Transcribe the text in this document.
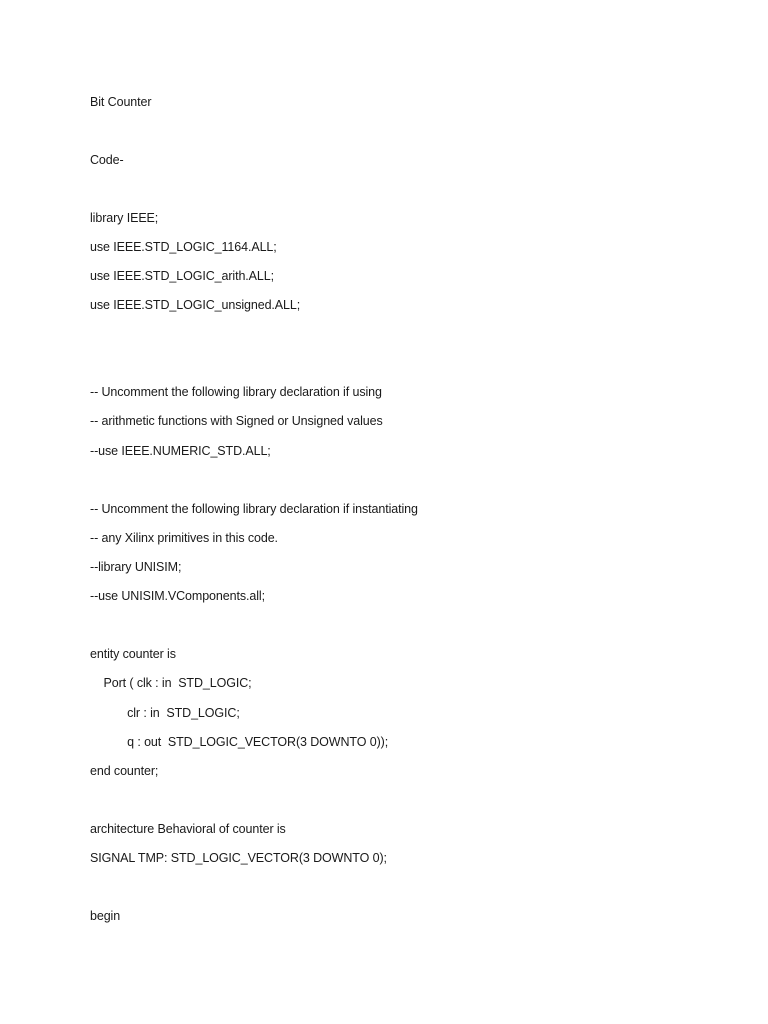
Bit Counter
Code-
library IEEE;
use IEEE.STD_LOGIC_1164.ALL;
use IEEE.STD_LOGIC_arith.ALL;
use IEEE.STD_LOGIC_unsigned.ALL;
-- Uncomment the following library declaration if using
-- arithmetic functions with Signed or Unsigned values
--use IEEE.NUMERIC_STD.ALL;
-- Uncomment the following library declaration if instantiating
-- any Xilinx primitives in this code.
--library UNISIM;
--use UNISIM.VComponents.all;
entity counter is
Port ( clk : in  STD_LOGIC;
clr : in  STD_LOGIC;
q : out  STD_LOGIC_VECTOR(3 DOWNTO 0));
end counter;
architecture Behavioral of counter is
SIGNAL TMP: STD_LOGIC_VECTOR(3 DOWNTO 0);
begin
